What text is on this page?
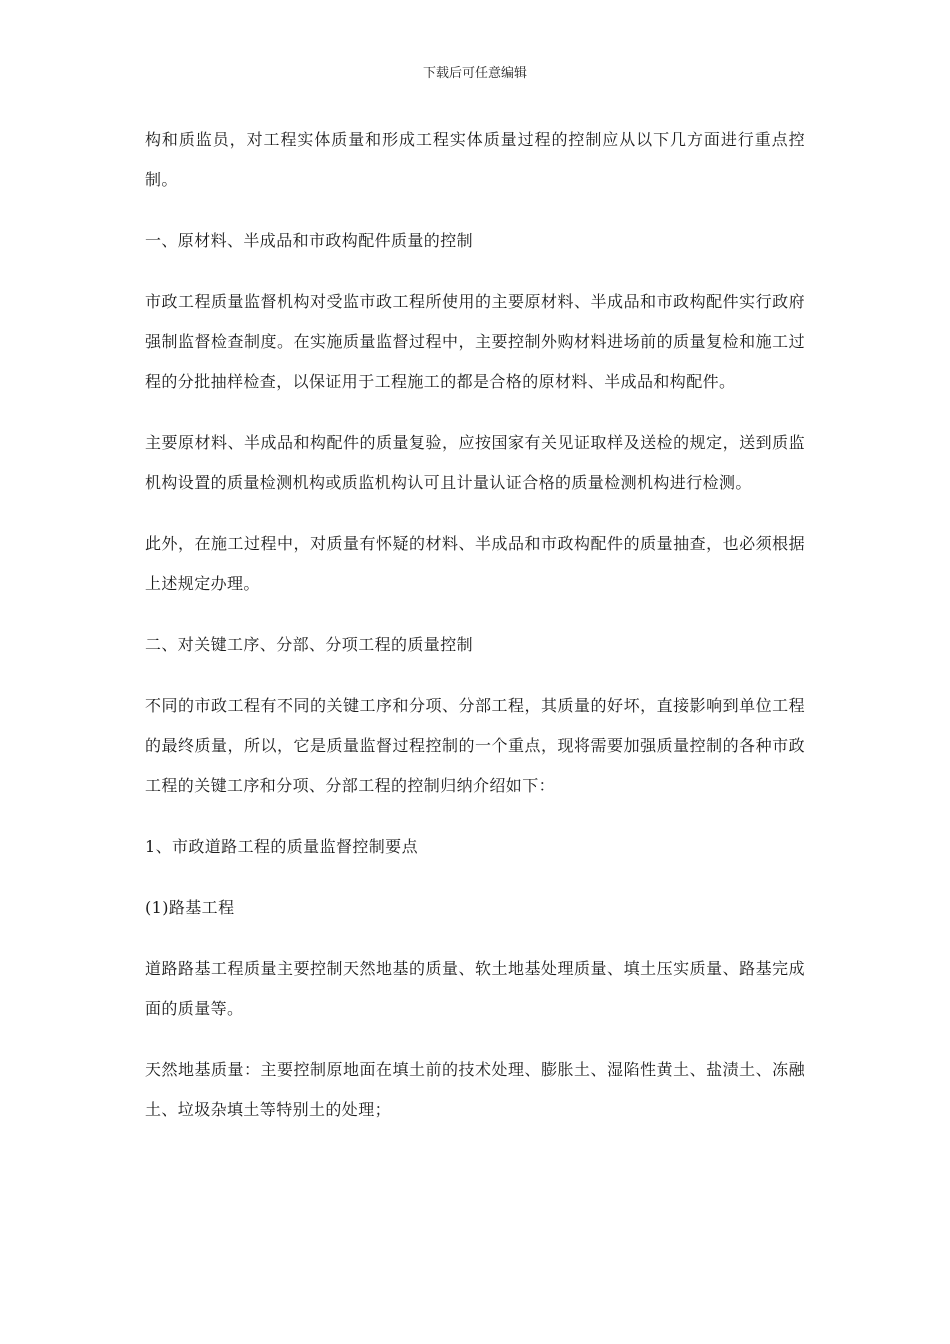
下载后可任意编辑

构和质监员，对工程实体质量和形成工程实体质量过程的控制应从以下几方面进行重点控制。

一、原材料、半成品和市政构配件质量的控制

市政工程质量监督机构对受监市政工程所使用的主要原材料、半成品和市政构配件实行政府强制监督检查制度。在实施质量监督过程中，主要控制外购材料进场前的质量复检和施工过程的分批抽样检查，以保证用于工程施工的都是合格的原材料、半成品和构配件。

主要原材料、半成品和构配件的质量复验，应按国家有关见证取样及送检的规定，送到质监机构设置的质量检测机构或质监机构认可且计量认证合格的质量检测机构进行检测。

此外，在施工过程中，对质量有怀疑的材料、半成品和市政构配件的质量抽查，也必须根据上述规定办理。

二、对关键工序、分部、分项工程的质量控制

不同的市政工程有不同的关键工序和分项、分部工程，其质量的好坏，直接影响到单位工程的最终质量，所以，它是质量监督过程控制的一个重点，现将需要加强质量控制的各种市政工程的关键工序和分项、分部工程的控制归纳介绍如下：

1、市政道路工程的质量监督控制要点

(1)路基工程

道路路基工程质量主要控制天然地基的质量、软土地基处理质量、填土压实质量、路基完成面的质量等。

天然地基质量：主要控制原地面在填土前的技术处理、膨胀土、湿陷性黄土、盐渍土、冻融土、垃圾杂填土等特别土的处理；
